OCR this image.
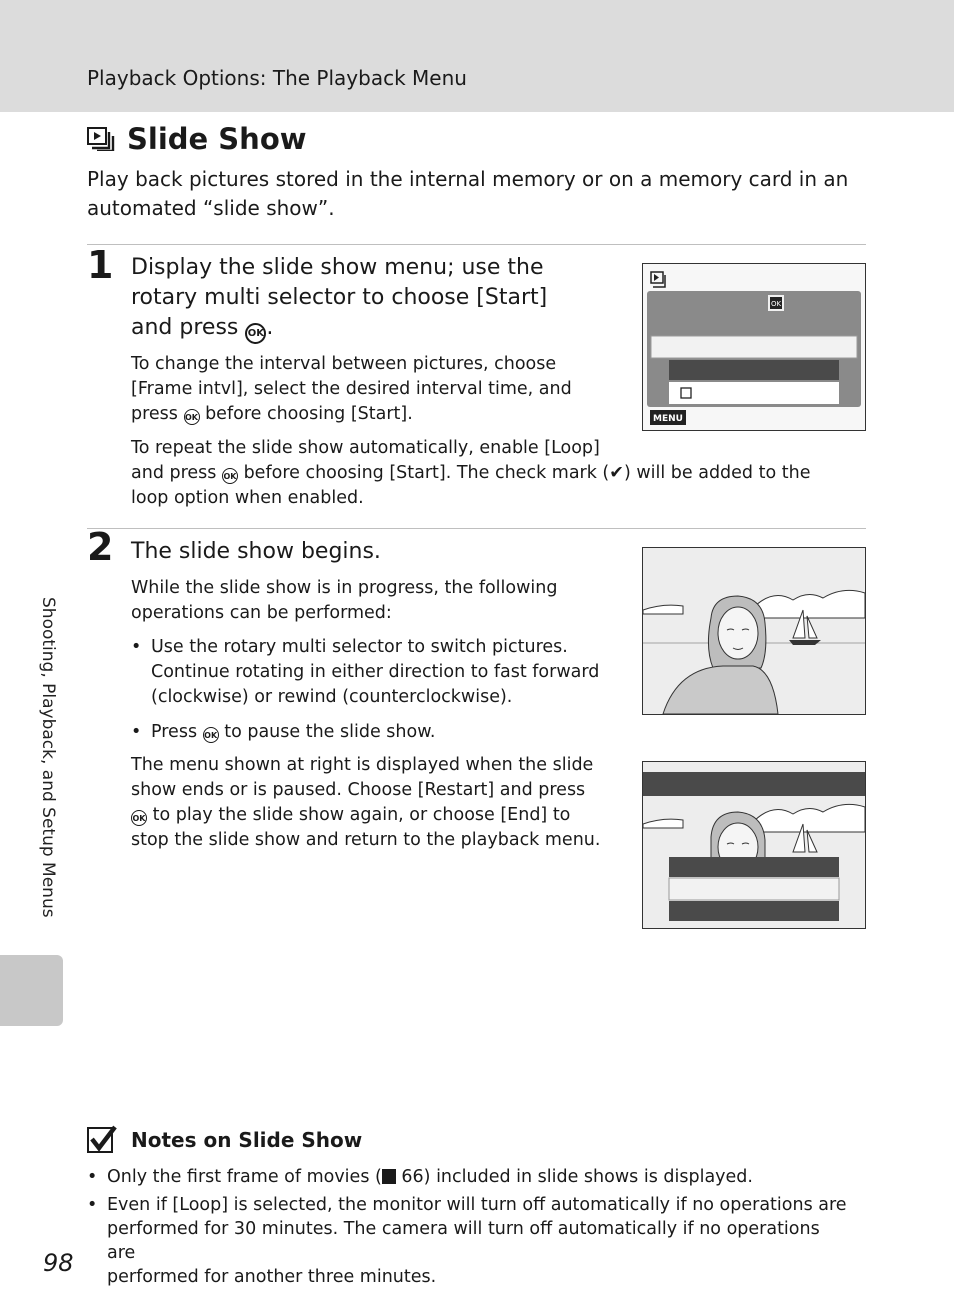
Playback Options: The Playback Menu
Slide Show
Play back pictures stored in the internal memory or on a memory card in an automated “slide show”.
1 Display the slide show menu; use the
rotary multi selector to choose [Start]
and press OK .
To change the interval between pictures, choose
[Frame intvl], select the desired interval time, and
press OK before choosing [Start].
To repeat the slide show automatically, enable [Loop]
and press OK before choosing [Start]. The check mark (✔) will be added to the
loop option when enabled.
OK
MENU
2 The slide show begins.
While the slide show is in progress, the following
operations can be performed:
• Use the rotary multi selector to switch pictures.
Continue rotating in either direction to fast forward
(clockwise) or rewind (counterclockwise).
• Press OK to pause the slide show.
The menu shown at right is displayed when the slide
show ends or is paused. Choose [Restart] and press
OK to play the slide show again, or choose [End] to
stop the slide show and return to the playback menu.
Shooting, Playback, and Setup Menus
Notes on Slide Show
• Only the first frame of movies ( 66) included in slide shows is displayed.
• Even if [Loop] is selected, the monitor will turn off automatically if no operations are
performed for 30 minutes. The camera will turn off automatically if no operations are
performed for another three minutes.
98
